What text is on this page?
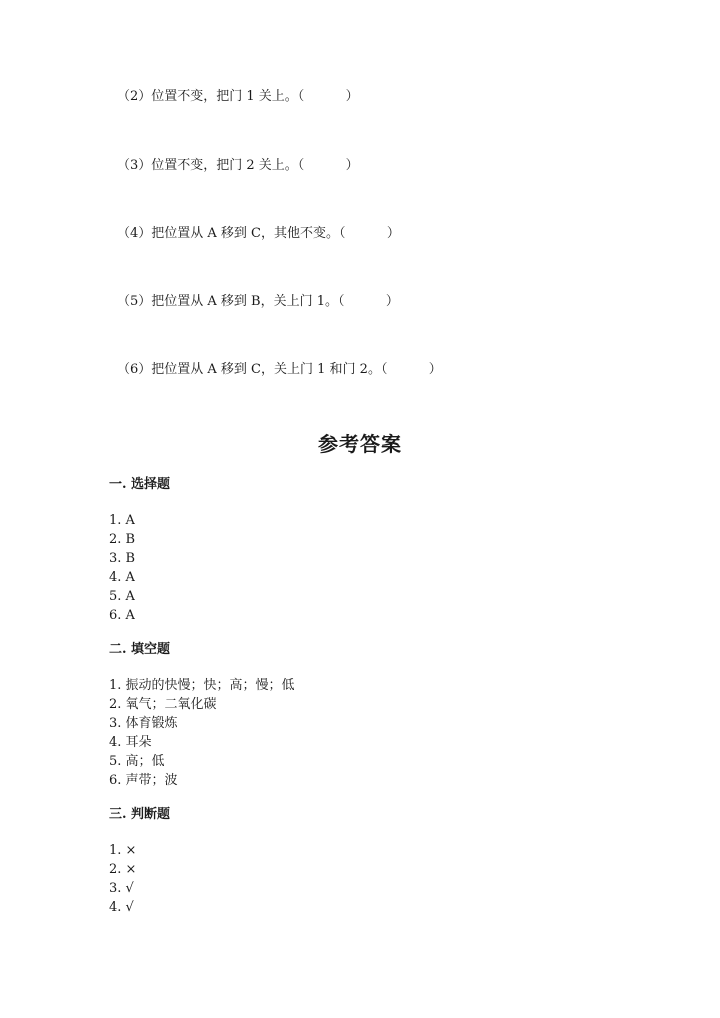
（2）位置不变，把门 1 关上。（          ）
（3）位置不变，把门 2 关上。（          ）
（4）把位置从 A 移到 C，其他不变。（          ）
（5）把位置从 A 移到 B，关上门 1。（          ）
（6）把位置从 A 移到 C，关上门 1 和门 2。（          ）
参考答案
一. 选择题
1. A
2. B
3. B
4. A
5. A
6. A
二. 填空题
1. 振动的快慢；快；高；慢；低
2. 氧气；二氧化碳
3. 体育锻炼
4. 耳朵
5. 高；低
6. 声带；波
三. 判断题
1. ×
2. ×
3. √
4. √
